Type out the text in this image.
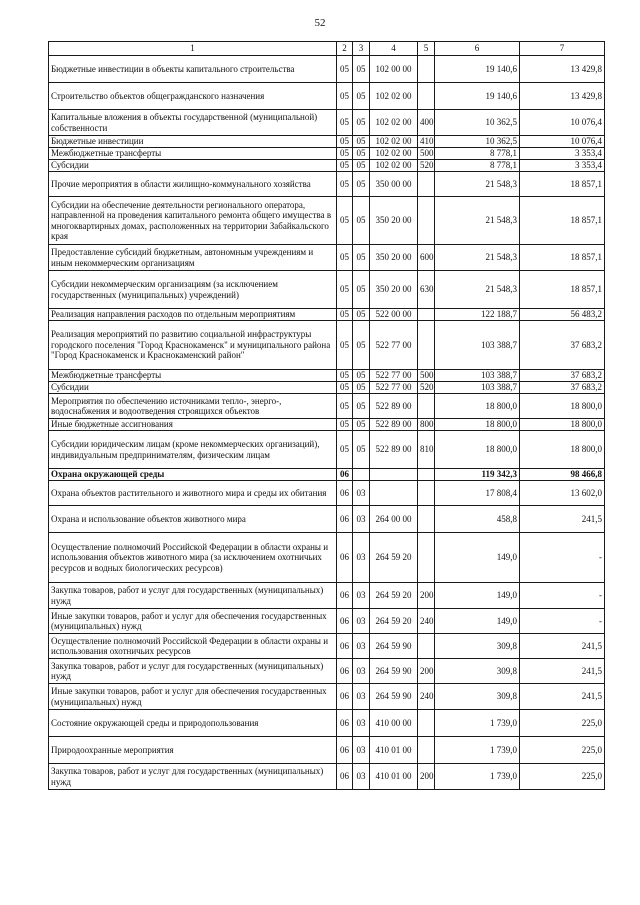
52
1	2	3	4	5	6	7
Бюджетные инвестиции в объекты капитального строительства	05	05	102 00 00		19 140,6	13 429,8
Строительство объектов общегражданского назначения	05	05	102 02 00		19 140,6	13 429,8
Капитальные вложения в объекты государственной (муниципальной) собственности	05	05	102 02 00	400	10 362,5	10 076,4
Бюджетные инвестиции	05	05	102 02 00	410	10 362,5	10 076,4
Межбюджетные трансферты	05	05	102 02 00	500	8 778,1	3 353,4
Субсидии	05	05	102 02 00	520	8 778,1	3 353,4
Прочие мероприятия в области жилищно-коммунального хозяйства	05	05	350 00 00		21 548,3	18 857,1
Субсидии на обеспечение деятельности регионального оператора, направленной на проведения капитального ремонта общего имущества в многоквартирных домах, расположенных на территории Забайкальского края	05	05	350 20 00		21 548,3	18 857,1
Предоставление субсидий бюджетным, автономным учреждениям и иным некоммерческим организациям	05	05	350 20 00	600	21 548,3	18 857,1
Субсидии некоммерческим организациям (за исключением государственных (муниципальных) учреждений)	05	05	350 20 00	630	21 548,3	18 857,1
Реализация направления расходов по отдельным мероприятиям	05	05	522 00 00		122 188,7	56 483,2
Реализация мероприятий по развитию социальной инфраструктуры городского поселения "Город Краснокаменск" и муниципального района "Город Краснокаменск и Краснокаменский район"	05	05	522 77 00		103 388,7	37 683,2
Межбюджетные трансферты	05	05	522 77 00	500	103 388,7	37 683,2
Субсидии	05	05	522 77 00	520	103 388,7	37 683,2
Мероприятия по обеспечению источниками тепло-, энерго-, водоснабжения и водоотведения строящихся объектов	05	05	522 89 00		18 800,0	18 800,0
Иные бюджетные ассигнования	05	05	522 89 00	800	18 800,0	18 800,0
Субсидии юридическим лицам (кроме некоммерческих организаций), индивидуальным предпринимателям, физическим лицам	05	05	522 89 00	810	18 800,0	18 800,0
Охрана окружающей среды	06				119 342,3	98 466,8
Охрана объектов растительного и животного мира и среды их обитания	06	03			17 808,4	13 602,0
Охрана и использование объектов животного мира	06	03	264 00 00		458,8	241,5
Осуществление полномочий Российской Федерации в области охраны и использования объектов животного мира (за исключением охотничьих ресурсов и водных биологических ресурсов)	06	03	264 59 20		149,0	-
Закупка товаров, работ и услуг для государственных (муниципальных) нужд	06	03	264 59 20	200	149,0	-
Иные закупки товаров, работ и услуг для обеспечения государственных (муниципальных) нужд	06	03	264 59 20	240	149,0	-
Осуществление полномочий Российской Федерации в области охраны и использования охотничьих ресурсов	06	03	264 59 90		309,8	241,5
Закупка товаров, работ и услуг для государственных (муниципальных) нужд	06	03	264 59 90	200	309,8	241,5
Иные закупки товаров, работ и услуг для обеспечения государственных (муниципальных) нужд	06	03	264 59 90	240	309,8	241,5
Состояние окружающей среды и природопользования	06	03	410 00 00		1 739,0	225,0
Природоохранные мероприятия	06	03	410 01 00		1 739,0	225,0
Закупка товаров, работ и услуг для государственных (муниципальных) нужд	06	03	410 01 00	200	1 739,0	225,0
